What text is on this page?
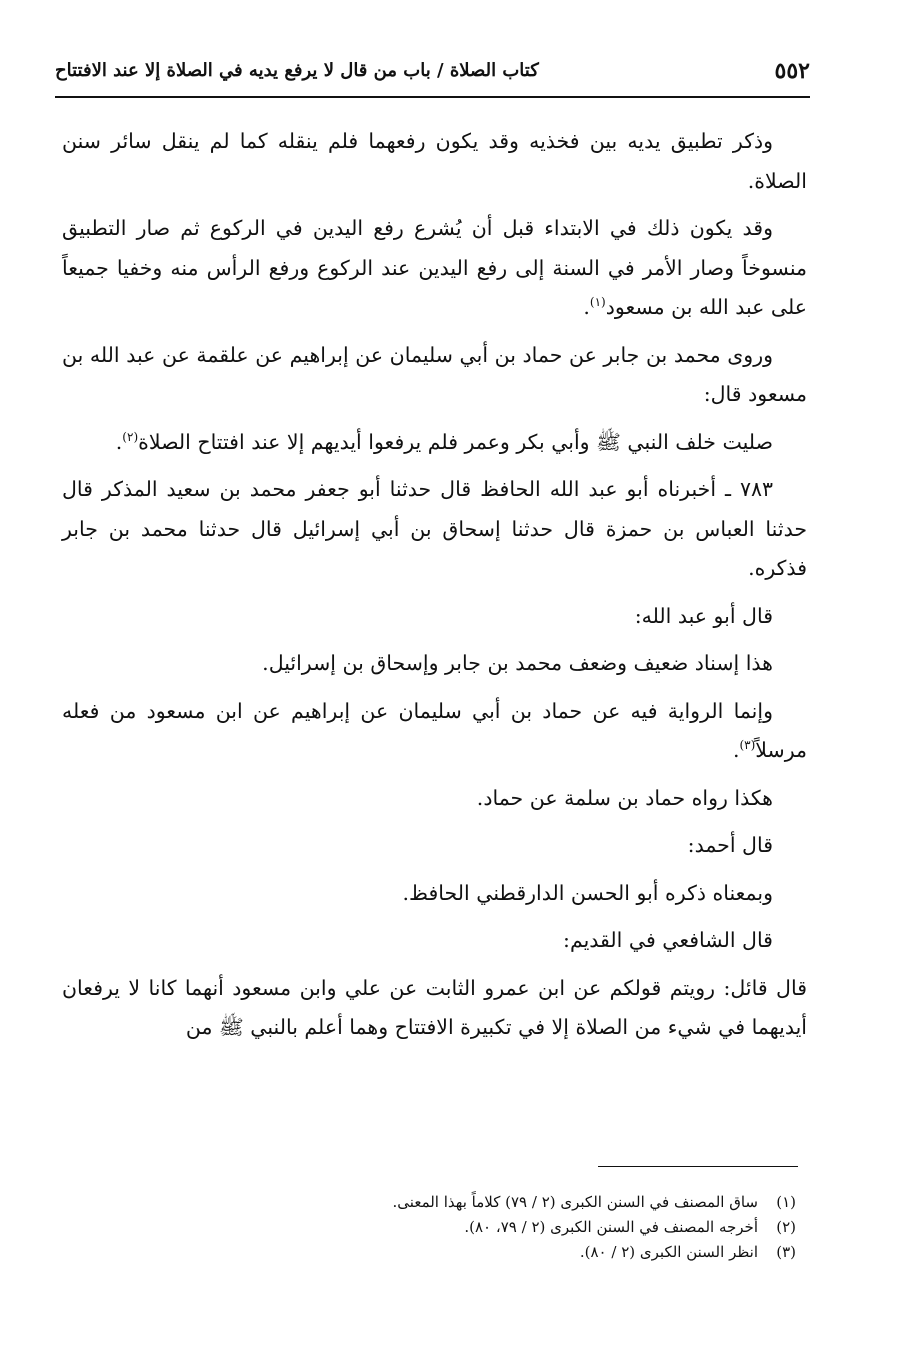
٥٥٢
كتاب الصلاة / باب من قال لا يرفع يديه في الصلاة إلا عند الافتتاح

وذكر تطبيق يديه بين فخذيه وقد يكون رفعهما فلم ينقله كما لم ينقل سائر سنن الصلاة.

وقد يكون ذلك في الابتداء قبل أن يُشرع رفع اليدين في الركوع ثم صار التطبيق منسوخاً وصار الأمر في السنة إلى رفع اليدين عند الركوع ورفع الرأس منه وخفيا جميعاً على عبد الله بن مسعود$^{(١)}$.

وروى محمد بن جابر عن حماد بن أبي سليمان عن إبراهيم عن علقمة عن عبد الله بن مسعود قال:

صليت خلف النبي ﷺ وأبي بكر وعمر فلم يرفعوا أيديهم إلا عند افتتاح الصلاة$^{(٢)}$.

٧٨٣ ـ أخبرناه أبو عبد الله الحافظ قال حدثنا أبو جعفر محمد بن سعيد المذكر قال حدثنا العباس بن حمزة قال حدثنا إسحاق بن أبي إسرائيل قال حدثنا محمد بن جابر فذكره.

قال أبو عبد الله:

هذا إسناد ضعيف وضعف محمد بن جابر وإسحاق بن إسرائيل.

وإنما الرواية فيه عن حماد بن أبي سليمان عن إبراهيم عن ابن مسعود من فعله مرسلاً$^{(٣)}$.

هكذا رواه حماد بن سلمة عن حماد.

قال أحمد:

وبمعناه ذكره أبو الحسن الدارقطني الحافظ.

قال الشافعي في القديم:

قال قائل: رويتم قولكم عن ابن عمرو الثابت عن علي وابن مسعود أنهما كانا لا يرفعان أيديهما في شيء من الصلاة إلا في تكبيرة الافتتاح وهما أعلم بالنبي ﷺ من

(١)ساق المصنف في السنن الكبرى (٢ / ٧٩) كلاماً بهذا المعنى.

(٢)أخرجه المصنف في السنن الكبرى (٢ / ٧٩، ٨٠).

(٣)انظر السنن الكبرى (٢ / ٨٠).
